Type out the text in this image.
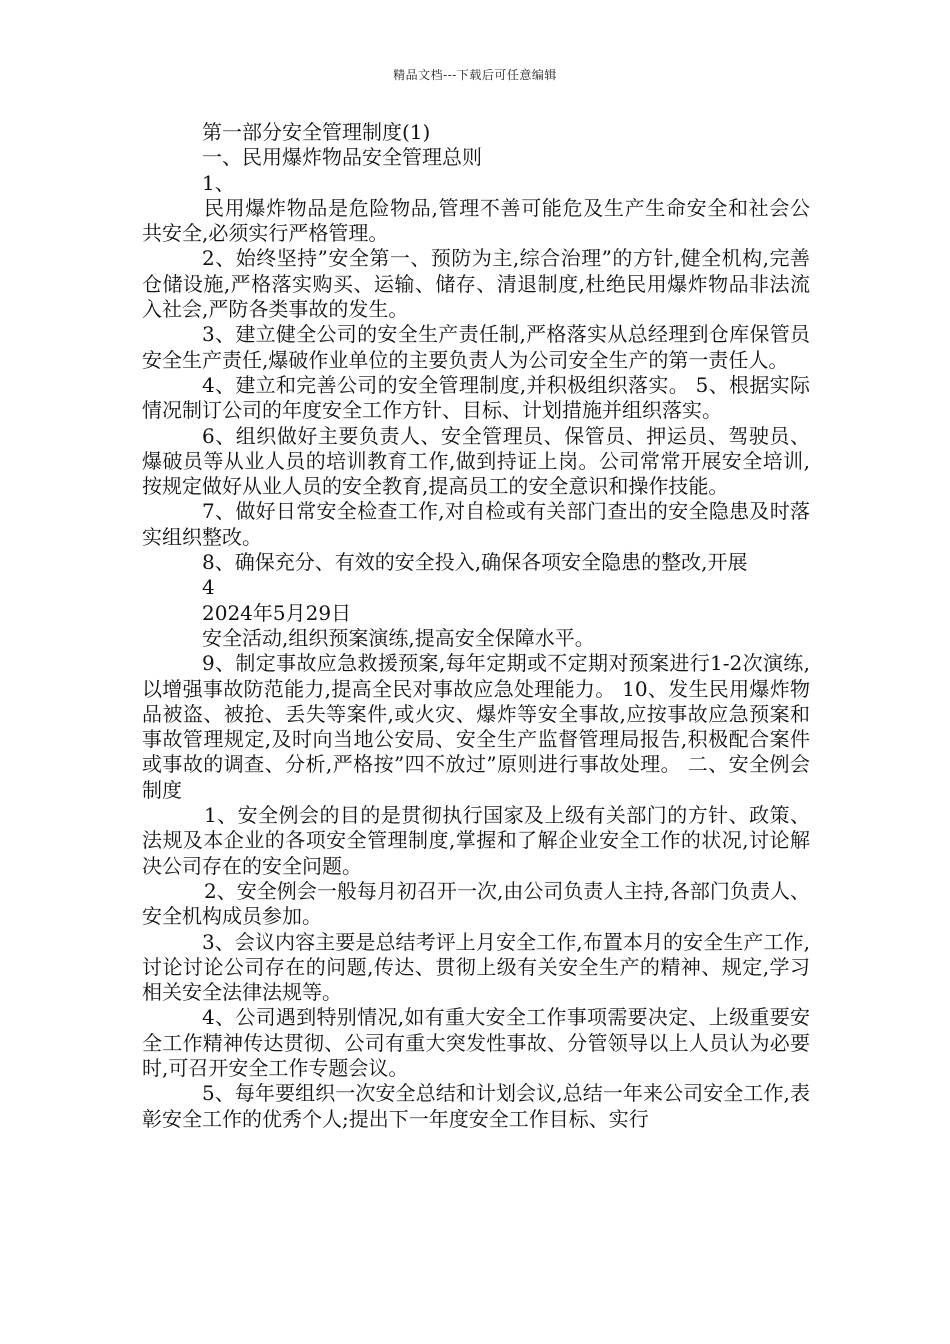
精品文档---下载后可任意编辑

第一部分安全管理制度(1)

一、民用爆炸物品安全管理总则

1、

民用爆炸物品是危险物品,管理不善可能危及生产生命安全和社会公共安全,必须实行严格管理。

2、始终坚持”安全第一、预防为主,综合治理”的方针,健全机构,完善仓储设施,严格落实购买、运输、储存、清退制度,杜绝民用爆炸物品非法流入社会,严防各类事故的发生。

3、建立健全公司的安全生产责任制,严格落实从总经理到仓库保管员安全生产责任,爆破作业单位的主要负责人为公司安全生产的第一责任人。

4、建立和完善公司的安全管理制度,并积极组织落实。 5、根据实际情况制订公司的年度安全工作方针、目标、计划措施并组织落实。

6、组织做好主要负责人、安全管理员、保管员、押运员、驾驶员、爆破员等从业人员的培训教育工作,做到持证上岗。公司常常开展安全培训,按规定做好从业人员的安全教育,提高员工的安全意识和操作技能。

7、做好日常安全检查工作,对自检或有关部门查出的安全隐患及时落实组织整改。

8、确保充分、有效的安全投入,确保各项安全隐患的整改,开展

4

2024年5月29日

安全活动,组织预案演练,提高安全保障水平。

9、制定事故应急救援预案,每年定期或不定期对预案进行1-2次演练,以增强事故防范能力,提高全民对事故应急处理能力。 10、发生民用爆炸物品被盗、被抢、丢失等案件,或火灾、爆炸等安全事故,应按事故应急预案和事故管理规定,及时向当地公安局、安全生产监督管理局报告,积极配合案件或事故的调查、分析,严格按”四不放过”原则进行事故处理。 二、安全例会制度

1、安全例会的目的是贯彻执行国家及上级有关部门的方针、政策、法规及本企业的各项安全管理制度,掌握和了解企业安全工作的状况,讨论解决公司存在的安全问题。

2、安全例会一般每月初召开一次,由公司负责人主持,各部门负责人、安全机构成员参加。

3、会议内容主要是总结考评上月安全工作,布置本月的安全生产工作,讨论讨论公司存在的问题,传达、贯彻上级有关安全生产的精神、规定,学习相关安全法律法规等。

4、公司遇到特别情况,如有重大安全工作事项需要决定、上级重要安全工作精神传达贯彻、公司有重大突发性事故、分管领导以上人员认为必要时,可召开安全工作专题会议。

5、每年要组织一次安全总结和计划会议,总结一年来公司安全工作,表彰安全工作的优秀个人;提出下一年度安全工作目标、实行
